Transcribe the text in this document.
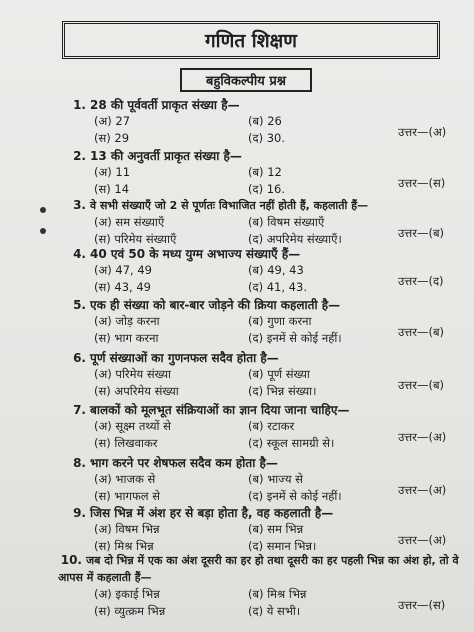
गणित शिक्षण
बहुविकल्पीय प्रश्न
1. 28 की पूर्ववर्ती प्राकृत संख्या है—
(अ) 27	(ब) 26
(स) 29	(द) 30.	उत्तर—(अ)
2. 13 की अनुवर्ती प्राकृत संख्या है—
(अ) 11	(ब) 12
(स) 14	(द) 16.	उत्तर—(स)
3. वे सभी संख्याएँ जो 2 से पूर्णतः विभाजित नहीं होती हैं, कहलाती हैं—
(अ) सम संख्याएँ	(ब) विषम संख्याएँ
(स) परिमेय संख्याएँ	(द) अपरिमेय संख्याएँ।	उत्तर—(ब)
4. 40 एवं 50 के मध्य युग्म अभाज्य संख्याएँ हैं—
(अ) 47, 49	(ब) 49, 43
(स) 43, 49	(द) 41, 43.	उत्तर—(द)
5. एक ही संख्या को बार-बार जोड़ने की क्रिया कहलाती है—
(अ) जोड़ करना	(ब) गुणा करना
(स) भाग करना	(द) इनमें से कोई नहीं।	उत्तर—(ब)
6. पूर्ण संख्याओं का गुणनफल सदैव होता है—
(अ) परिमेय संख्या	(ब) पूर्ण संख्या
(स) अपरिमेय संख्या	(द) भिन्न संख्या।	उत्तर—(ब)
7. बालकों को मूलभूत संक्रियाओं का ज्ञान दिया जाना चाहिए—
(अ) सूक्ष्म तथ्यों से	(ब) रटाकर
(स) लिखवाकर	(द) स्कूल सामग्री से।	उत्तर—(अ)
8. भाग करने पर शेषफल सदैव कम होता है—
(अ) भाजक से	(ब) भाज्य से
(स) भागफल से	(द) इनमें से कोई नहीं।	उत्तर—(अ)
9. जिस भिन्न में अंश हर से बड़ा होता है, वह कहलाती है—
(अ) विषम भिन्न	(ब) सम भिन्न
(स) मिश्र भिन्न	(द) समान भिन्न।	उत्तर—(अ)
10. जब दो भिन्न में एक का अंश दूसरी का हर हो तथा दूसरी का हर पहली भिन्न का अंश हो, तो वे आपस में कहलाती हैं—
(अ) इकाई भिन्न	(ब) मिश्र भिन्न
(स) व्युत्क्रम भिन्न	(द) ये सभी।	उत्तर—(स)
